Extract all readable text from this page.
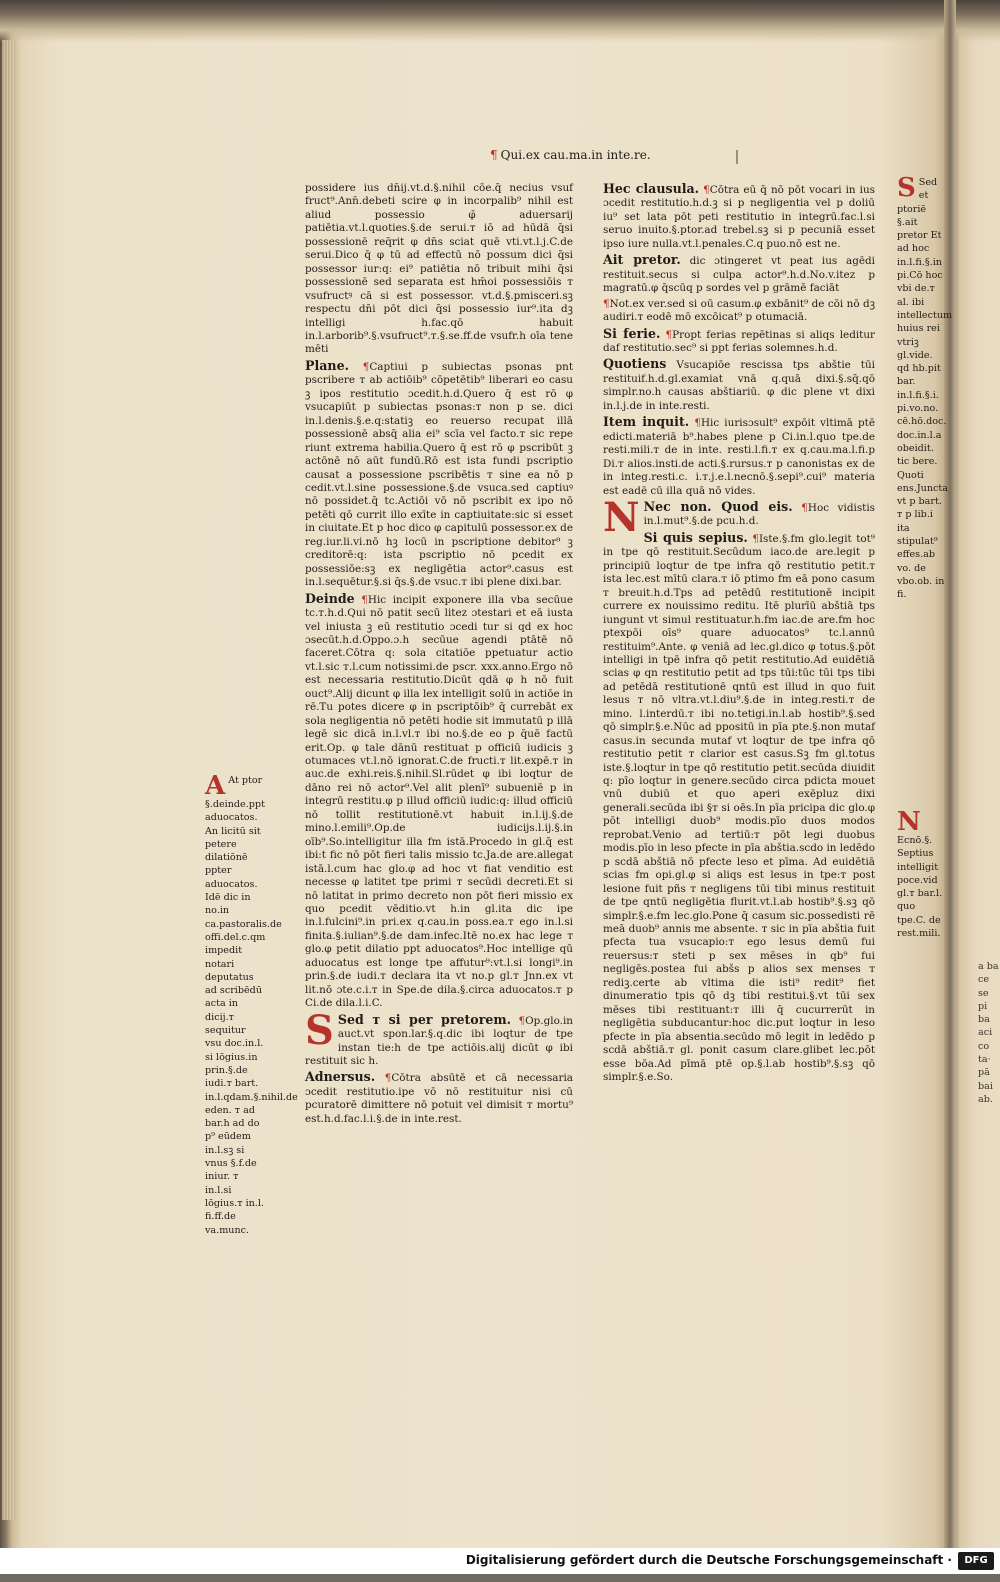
¶ Qui.ex cau.ma.in inte.re.

possidere ius dn̄ij.vt.d.§.nihil cōe.q̄ necius vsuf fruct⁹.Ann̄.debeti scire φ in incorpalib⁹ nihil est aliud possessio φ̄ aduersarij patiētia.vt.l.quoties.§.de serui.ᴛ iō ad hūdā q̄si possessionē req̄rit φ dn̄s sciat quē vti.vt.l.j.C.de serui.Dico q̄ φ tū ad effectū nō possum dici q̄si possessor iur:q: ei⁹ patiētia nō tribuit mihi q̄si possessionē sed separata est hm̄oi possessiōis ᴛ vsufructꝰ cā si est possessor. vt.d.§.pmisceri.sꝫ respectu dn̄i pōt dici q̄si possessio iur⁹.ita dꝫ intelligi h.fac.qō habuit in.l.arborib⁹.§.vsufruct⁹.ᴛ.§.se.ff.de vsufr.h oīa tene mēti

Plane. ¶Captiui p subiectas psonas pnt pscribere ᴛ ab actiōib⁹ cōpetētib⁹ liberari eo casu ꝫ ipos restitutio ɔcedit.h.d.Quero q̄ est rō φ vsucapiūt p subiectas psonas:ᴛ non p se. dici in.l.denis.§.e.q:statiꝫ eo reuerso recupat illā possessionē absq̄ alia ei⁹ scīa vel facto.ᴛ sic repe riunt extrema habilia.Quero q̄ est rō φ pscribūt ꝫ actōnē nō aūt fundū.Rō est ista fundi pscriptio causat a possessione pscribētis ᴛ sine ea nō p cedit.vt.l.sine possessione.§.de vsuca.sed captiuꝰ nō possidet.q̄ tc.Actiōi vō nō pscribit ex ipo nō petēti qō currit illo exīte in captiuitate:sic si esset in ciuitate.Et p hoc dico φ capitulū possessor.ex de reg.iur.li.vi.nō hꝫ locū in pscriptione debitor⁹ ꝫ creditorē:q: ista pscriptio nō pcedit ex possessiōe:sꝫ ex negligētia actor⁹.casus est in.l.sequētur.§.si q̄s.§.de vsuc.ᴛ ibi plene dixi.bar.

Deinde ¶Hic incipit exponere illa vba secūue tc.ᴛ.h.d.Qui nō patit secū litez ɔtestari et eā iusta vel iniusta ꝫ eū restitutio ɔcedi tur si qd ex hoc ɔsecūt.h.d.Oppo.ɔ.h secūue agendi ptātē nō faceret.Cōtra q: sola citatiōe ppetuatur actio vt.l.sic ᴛ.l.cum notissimi.de pscr. xxx.anno.Ergo nō est necessaria restitutio.Dicūt qdā φ h nō fuit ouct⁹.Alij dicunt φ illa lex intelligit solū in actiōe in rē.Tu potes dicere φ in pscriptōib⁹ q̄ currebāt ex sola negligentia nō petēti hodie sit immutatū p illā legē sic dicā in.l.vl.ᴛ ibi no.§.de eo p q̄uē factū erit.Op. φ tale dānū restituat p officiū iudicis ꝫ otumaces vt.l.nō ignorat.C.de fructi.ᴛ lit.expē.ᴛ in auc.de exhi.reis.§.nihil.Sl.rūdet φ ibi loqtur de dāno rei nō actor⁹.Vel alit plenī⁹ subueniē p in integrū restitu.φ p illud officiū iudic:q: illud officiū nō tollit restitutionē.vt habuit in.l.ij.§.de mino.l.emili⁹.Op.de iudicijs.l.ij.§.in oīb⁹.So.intelligitur illa fm istā.Procedo in gl.q̄ est ibi:t fic nō pōt fieri talis missio tc.Ja.de are.allegat istā.l.cum hac glo.φ ad hoc vt fiat venditio est necesse φ latitet tpe primi ᴛ secūdi decreti.Et si nō latitat in primo decreto non pōt fieri missio ex quo pcedit vēditio.vt h.in gl.ita dic ipe in.l.fulcini⁹.in pri.ex q.cau.in poss.ea.ᴛ ego in.l.si finita.§.iulian⁹.§.de dam.infec.Itē no.ex hac lege ᴛ glo.φ petit dilatio ppt aduocatos⁹.Hoc intellige qū aduocatus est longe tpe affutur⁹:vt.l.si longi⁹.in prin.§.de iudi.ᴛ declara ita vt no.p gl.ᴛ Jnn.ex vt lit.nō ɔte.c.i.ᴛ in Spe.de dila.§.circa aduocatos.ᴛ p Ci.de dila.l.i.C.

S Sed ᴛ si per pretorem. ¶Op.glo.in auct.vt spon.lar.§.q.dic ibi loqtur de tpe instan tie:h de tpe actiōis.alij dicūt φ ibi restituit sic h.

Adnersus. ¶Cōtra absūtē et cā necessaria ɔcedit restitutio.ipe vō nō restituitur nisi cū pcuratorē dimittere nō potuit vel dimisit ᴛ mortu⁹ est.h.d.fac.l.i.§.de in inte.rest.

Hec clausula. ¶Cōtra eū q̄ nō pōt vocari in ius ɔcedit restitutio.h.d.ꝫ si p negligentia vel p doliū iu⁹ set lata pōt peti restitutio in integrū.fac.l.si seruo inuito.§.ptor.ad trebel.sꝫ si p pecuniā esset ipso iure nulla.vt.l.penales.C.q puo.nō est ne.

Ait pretor. dic ɔtingeret vt peat ius agēdi restituit.secus si culpa actor⁹.h.d.No.v.itez p magratū.φ q̄scūq p sordes vel p grāmē faciāt

¶Not.ex ver.sed si oū casum.φ exbānit⁹ de cōi nō dꝫ audiri.ᴛ eodē mō excōicat⁹ p otumaciā.

Si ferie. ¶Propt ferias repētinas si aliqs leditur daf restitutio.sec⁹ si ppt ferias solemnes.h.d.

Quotiens Vsucapiōe rescissa tps abštie tūi restituif.h.d.gl.examiat vnā q.quā dixi.§.sq̄.qō simplr.no.h causas abštiariū. φ dic plene vt dixi in.l.j.de in inte.resti.

Item inquit. ¶Hic iurisɔsult⁹ expōit vltimā ptē edicti.materiā b⁹.habes plene p Ci.in.l.quo tpe.de resti.mili.ᴛ de in inte. resti.l.fi.ᴛ ex q.cau.ma.l.fi.p Di.ᴛ alios.insti.de acti.§.rursus.ᴛ p canonistas ex de in integ.resti.c. i.ᴛ.j.e.l.necnō.§.sepi⁹.cui⁹ materia est eadē cū illa quā nō vides.

N Nec non. Quod eis. ¶Hoc vidistis in.l.mut⁹.§.de pcu.h.d.

Si quis sepius. ¶Iste.§.fm glo.legit tot⁹ in tpe qō restituit.Secūdum iaco.de are.legit p principiū loqtur de tpe infra qō restitutio petit.ᴛ ista lec.est mītū clara.ᴛ iō ptimo fm eā pono casum ᴛ breuit.h.d.Tps ad petēdū restitutionē incipit currere ex nouissimo reditu. Itē plurīū abštiā tps iungunt vt simul restituatur.h.fm iac.de are.fm hoc ptexpōi oīs⁹ quare aduocatos⁹ tc.l.annū restituim⁹.Ante. φ veniā ad lec.gl.dico φ totus.§.pōt intelligi in tpē infra qō petit restitutio.Ad euidētiā scias φ qn restitutio petit ad tps tūi:tūc tūi tps tibi ad petēdā restitutionē qntū est illud in quo fuit lesus ᴛ nō vltra.vt.l.diu⁹.§.de in integ.resti.ᴛ de mino. l.interdū.ᴛ ibi no.tetigi.in.l.ab hostib⁹.§.sed qō simplr.§.e.Nūc ad ppositū in pīa pte.§.non mutaf casus.in secunda mutaf vt loqtur de tpe infra qō restitutio petit ᴛ clarior est casus.Sꝫ fm gl.totus iste.§.loqtur in tpe qō restitutio petit.secūda diuidit q: pīo loqtur in genere.secūdo circa pdicta mouet vnū dubiū et quo aperi exēpluz dixi generali.secūda ibi §ᴛ si oēs.In pīa pricipa dic glo.φ pōt intelligi duob⁹ modis.pīo duos modos reprobat.Venio ad tertiū:ᴛ pōt legi duobus modis.pīo in leso pfecte in pīa abštia.scdo in ledēdo p scdā abštiā nō pfecte leso et pīma. Ad euidētiā scias fm opi.gl.φ si aliqs est lesus in tpe:ᴛ post lesione fuit pñs ᴛ negligens tūi tibi minus restituit de tpe qntū negligētia flurit.vt.l.ab hostib⁹.§.sꝫ qō simplr.§.e.fm lec.glo.Pone q̄ casum sic.possedisti rē meā duob⁹ annis me absente. ᴛ sic in pīa abštia fuit pfecta tua vsucapio:ᴛ ego lesus demū fui reuersus:ᴛ steti p sex mēses in qb⁹ fui negligēs.postea fui abšs p alios sex menses ᴛ rediꝫ.certe ab vltima die isti⁹ redit⁹ fiet dinumeratio tpis qō dꝫ tibi restitui.§.vt tūi sex mēses tibi restituant:ᴛ illi q̄ cucurrerūt in negligētia subducantur:hoc dic.put loqtur in leso pfecte in pīa absentia.secūdo mō legit in ledēdo p scdā abštiā.ᴛ gl. ponit casum clare.glibet lec.pōt esse bōa.Ad pīmā ptē op.§.l.ab hostib⁹.§.sꝫ qō simplr.§.e.So.

A At ptor §.deinde.ppt aduocatos. An licitū sit petere dilatiōnē ppter aduocatos. Idē dic in no.in ca.pastoralis.de offi.del.c.qm impedit notari deputatus ad scribēdū acta in dicij.ᴛ sequitur vsu doc.in.l. si lōgius.in prin.§.de iudi.ᴛ bart. in.l.qdam.§.nihil.de eden. ᴛ ad bar.h ad do p⁹ eūdem in.l.sꝫ si vnus §.f.de iniur. ᴛ in.l.si lōgius.ᴛ in.l. fi.ff.de va.munc.
S Sed et ptoriē §.ait pretor Et ad hoc in.l.fi.§.in pi.Cō hoc vbi de.ᴛ al. ibi intellectum huius rei vtriꝫ gl.vide. qd hb.pit bar. in.l.fi.§.i. pi.vo.no. cē.hō.doc. doc.in.l.a obeidit. tic bere. Quoti ens.Juncta vt p bart. ᴛ p lib.i ita stipulat⁹ effes.ab vo. de vbo.ob. in fi.
N
Ecnō.§. Septius intelligit poce.vid gl.ᴛ bar.l. quo tpe.C. de rest.mili.
a ba ce se pi ba aci co ta· pā bai ab.
Digitalisierung gefördert durch die Deutsche Forschungsgemeinschaft ·	DFG
